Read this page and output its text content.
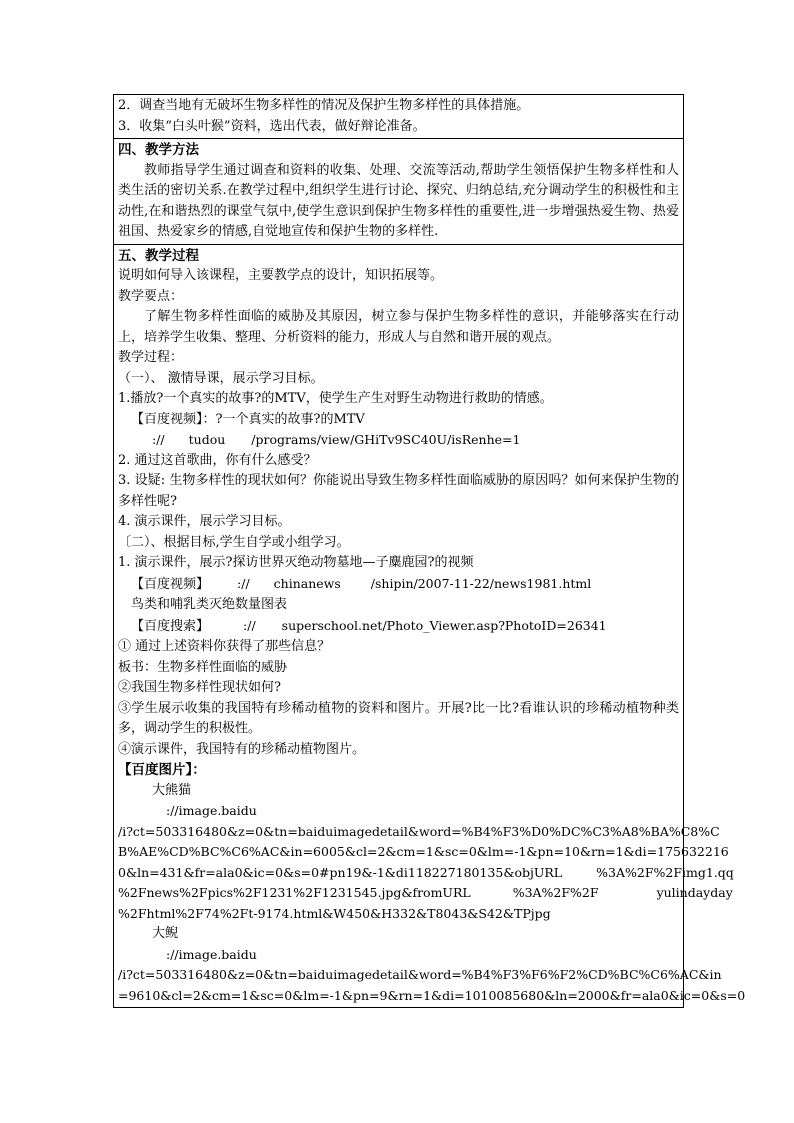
2．调查当地有无破坏生物多样性的情况及保护生物多样性的具体措施。
3．收集“白头叶猴”资料，选出代表，做好辩论准备。
四、教学方法
教师指导学生通过调查和资料的收集、处理、交流等活动,帮助学生领悟保护生物多样性和人类生活的密切关系.在教学过程中,组织学生进行讨论、探究、归纳总结,充分调动学生的积极性和主动性,在和谐热烈的课堂气氛中,使学生意识到保护生物多样性的重要性,进一步增强热爱生物、热爱祖国、热爱家乡的情感,自觉地宣传和保护生物的多样性.
五、教学过程
说明如何导入该课程，主要教学点的设计，知识拓展等。
教学要点：
了解生物多样性面临的威胁及其原因，树立参与保护生物多样性的意识，并能够落实在行动上，培养学生收集、整理、分析资料的能力，形成人与自然和谐开展的观点。
教学过程：
（一）、 激情导课，展示学习目标。
1.播放?一个真实的故事?的MTV，使学生产生对野生动物进行救助的情感。
【百度视频】：?一个真实的故事?的MTV
:// tudou /programs/view/GHiTv9SC40U/isRenhe=1
2. 通过这首歌曲，你有什么感受？
3. 设疑: 生物多样性的现状如何？你能说出导致生物多样性面临威胁的原因吗？如何来保护生物的多样性呢?
4. 演示课件，展示学习目标。
〔二）、根据目标,学生自学或小组学习。
1. 演示课件，展示?探访世界灭绝动物墓地—子麋鹿园?的视频
【百度视频】 :// chinanews /shipin/2007-11-22/news1981.html
鸟类和哺乳类灭绝数量图表
【百度搜索】	:// superschool.net/Photo_Viewer.asp?PhotoID=26341
① 通过上述资料你获得了那些信息？
板书：生物多样性面临的威胁
②我国生物多样性现状如何?
③学生展示收集的我国特有珍稀动植物的资料和图片。开展?比一比?看谁认识的珍稀动植物种类多，调动学生的积极性。
④演示课件，我国特有的珍稀动植物图片。
【百度图片】：
大熊猫
://image.baidu
/i?ct=503316480&z=0&tn=baiduimagedetail&word=%B4%F3%D0%DC%C3%A8%BA%C8%C
B%AE%CD%BC%C6%AC&in=6005&cl=2&cm=1&sc=0&lm=-1&pn=10&rn=1&di=175632216
0&ln=431&fr=ala0&ic=0&s=0#pn19&-1&di118227180135&objURL	%3A%2F%2Fimg1.qq
%2Fnews%2Fpics%2F1231%2F1231545.jpg&fromURL	%3A%2F%2F	yulindayday
%2Fhtml%2F74%2Ft-9174.html&W450&H332&T8043&S42&TPjpg
大鲵
://image.baidu
/i?ct=503316480&z=0&tn=baiduimagedetail&word=%B4%F3%F6%F2%CD%BC%C6%AC&in
=9610&cl=2&cm=1&sc=0&lm=-1&pn=9&rn=1&di=1010085680&ln=2000&fr=ala0&ic=0&s=0
